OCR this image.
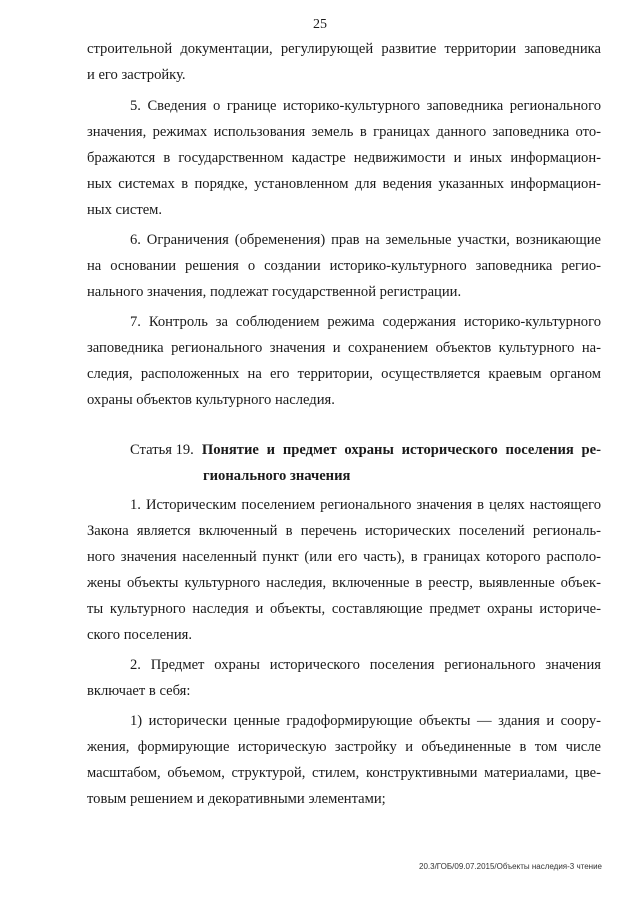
25
строительной документации, регулирующей развитие территории заповедника
и его застройку.
5. Сведения о границе историко-культурного заповедника регионального
значения, режимах использования земель в границах данного заповедника ото-
бражаются в государственном кадастре недвижимости и иных информацион-
ных системах в порядке, установленном для ведения указанных информацион-
ных систем.
6. Ограничения (обременения) прав на земельные участки, возникающие
на основании решения о создании историко-культурного заповедника регио-
нального значения, подлежат государственной регистрации.
7. Контроль за соблюдением режима содержания историко-культурного
заповедника регионального значения и сохранением объектов культурного на-
следия, расположенных на его территории, осуществляется краевым органом
охраны объектов культурного наследия.
Статья 19. Понятие и предмет охраны исторического поселения ре-
гионального значения
1. Историческим поселением регионального значения в целях настоящего
Закона является включенный в перечень исторических поселений региональ-
ного значения населенный пункт (или его часть), в границах которого располо-
жены объекты культурного наследия, включенные в реестр, выявленные объек-
ты культурного наследия и объекты, составляющие предмет охраны историче-
ского поселения.
2. Предмет охраны исторического поселения регионального значения
включает в себя:
1) исторически ценные градоформирующие объекты — здания и соору-
жения, формирующие историческую застройку и объединенные в том числе
масштабом, объемом, структурой, стилем, конструктивными материалами, цве-
товым решением и декоративными элементами;
20.3/ГОБ/09.07.2015/Объекты наследия-3 чтение
